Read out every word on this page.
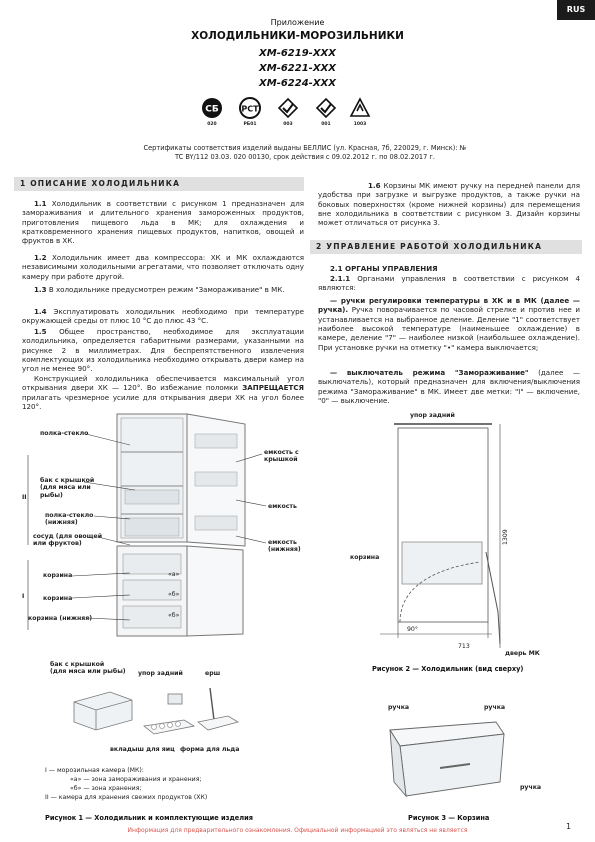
RUS
Приложение
ХОЛОДИЛЬНИКИ-МОРОЗИЛЬНИКИ
ХМ-6219-ХХХ
ХМ-6221-ХХХ
ХМ-6224-ХХХ
СБ
020
РСТ
РБ01	003	001	1003
Сертификаты соответствия изделий выданы БЕЛЛИС (ул. Красная, 7б, 220029, г. Минск): № TC BY/112 03.03. 020 00130, срок действия с 09.02.2012 г. по 08.02.2017 г.
1 ОПИСАНИЕ ХОЛОДИЛЬНИКА
1.1 Холодильник в соответствии с рисунком 1 предназначен для замораживания и длительного хранения замороженных продуктов, приготовления пищевого льда в МК; для охлаждения и кратковременного хранения пищевых продуктов, напитков, овощей и фруктов в ХК.
1.2 Холодильник имеет два компрессора: ХК и МК охлаждаются независимыми холодильными агрегатами, что позволяет отключать одну камеру при работе другой.
1.3 В холодильнике предусмотрен режим "Замораживание" в МК.
1.4 Эксплуатировать холодильник необходимо при температуре окружающей среды от плюс 10 °С до плюс 43 °С.
1.5 Общее пространство, необходимое для эксплуатации холодильника, определяется габаритными размерами, указанными на рисунке 2 в миллиметрах. Для беспрепятственного извлечения комплектующих из холодильника необходимо открывать двери камер на угол не менее 90°.
Конструкцией холодильника обеспечивается максимальный угол открывания двери ХК — 120°. Во избежание поломки ЗАПРЕЩАЕТСЯ прилагать чрезмерное усилие для открывания двери ХК на угол более 120°.
1.6 Корзины МК имеют ручку на передней панели для удобства при загрузке и выгрузке продуктов, а также ручки на боковых поверхностях (кроме нижней корзины) для перемещения вне холодильника в соответствии с рисунком 3. Дизайн корзины может отличаться от рисунка 3.
2 УПРАВЛЕНИЕ РАБОТОЙ ХОЛОДИЛЬНИКА
2.1 ОРГАНЫ УПРАВЛЕНИЯ
2.1.1 Органами управления в соответствии с рисунком 4 являются:
— ручки регулировки температуры в ХК и в МК (далее — ручка). Ручка поворачивается по часовой стрелке и против нее и устанавливается на выбранное деление. Деление "1" соответствует наиболее высокой температуре (наименьшее охлаждение) в камере, деление "7" — наиболее низкой (наибольшее охлаждение). При установке ручки на отметку "•" камера выключается;
— выключатель режима "Замораживание" (далее — выключатель), который предназначен для включения/выключения режима "Замораживание" в МК. Имеет две метки: "I" — включение, "0" — выключение.
полка-стекло
бак с крышкой
(для мяса или
рыбы)
полка-стекло
(нижняя)
сосуд (для овощей
или фруктов)
корзина
корзина
корзина (нижняя)
II
I
«а»
«б»
«б»
емкость с
крышкой
емкость
емкость
(нижняя)
бак с крышкой
(для мяса или рыбы) упор задний	ерш
вкладыш для яиц форма для льда
I — морозильная камера (МК):
«а» — зона замораживания и хранения;
«б» — зона хранения;
II — камера для хранения свежих продуктов (ХК)
Рисунок 1 — Холодильник и комплектующие изделия
упор задний
1309
корзина
90°
713
дверь МК
Рисунок 2 — Холодильник (вид сверху)
ручка	ручка
ручка
Рисунок 3 — Корзина
Информация для предварительного ознакомления. Официальной информацией это являться не является	1
